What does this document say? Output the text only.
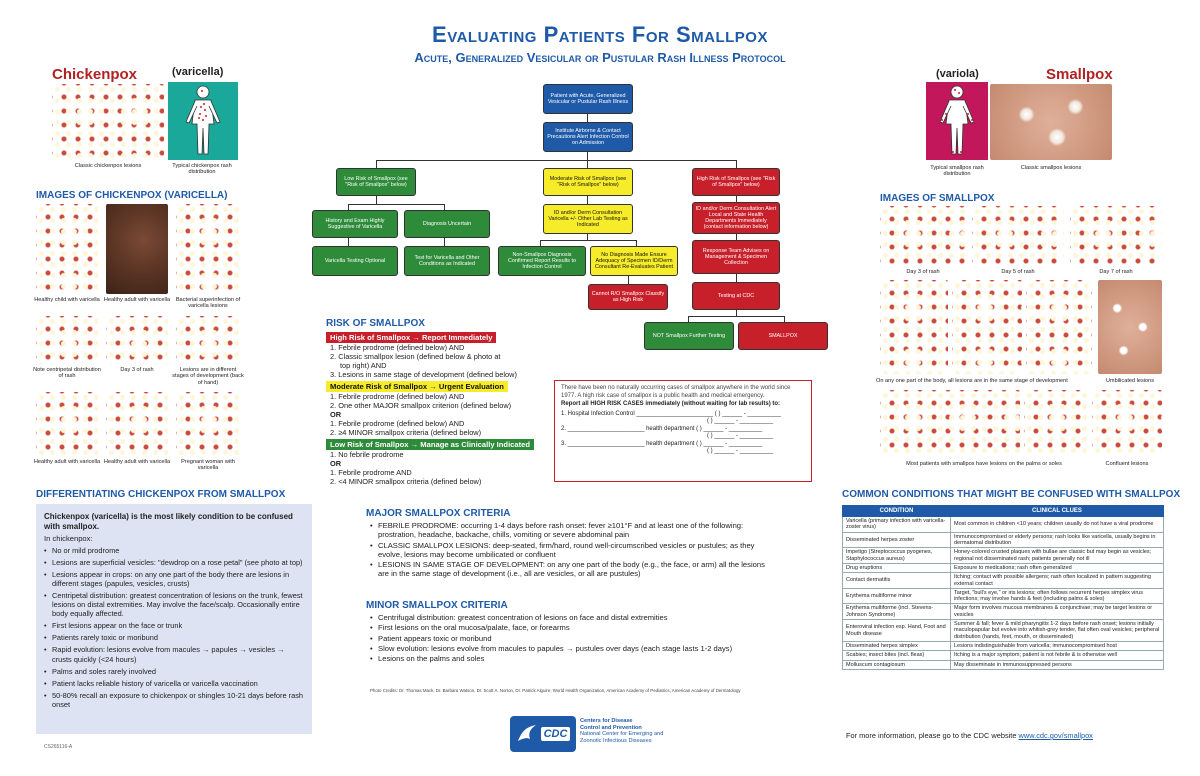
Evaluating Patients For Smallpox
Acute, Generalized Vesicular or Pustular Rash Illness Protocol
Chickenpox	(varicella)
Classic chickenpox lesions	Typical chickenpox rash distribution
IMAGES OF CHICKENPOX (VARICELLA)
Healthy child with varicella Healthy adult with varicella	Bacterial superinfection of varicella lesions
Note centripetal distribution of rash
Day 3 of rash	Lesions are in different stages of development (back of hand)
Healthy adult with varicella Healthy adult with varicella	Pregnant woman with varicella
(variola)	Smallpox
Typical smallpox rash distribution
Classic smallpox lesions
IMAGES OF SMALLPOX
Day 3 of rash	Day 5 of rash	Day 7 of rash
On any one part of the body, all lesions are in the same stage of development	Umbilicated lesions
Most patients with smallpox have lesions on the palms or soles	Confluent lesions
Patient with Acute, Generalized Vesicular or Pustular Rash Illness
Institute Airborne & Contact Precautions Alert Infection Control on Admission
Low Risk of Smallpox (see "Risk of Smallpox" below)
Moderate Risk of Smallpox (see "Risk of Smallpox" below)
High Risk of Smallpox (see "Risk of Smallpox" below)
History and Exam Highly Suggestive of Varicella
Diagnosis Uncertain
ID and/or Derm Consultation Varicella +/- Other Lab Testing as Indicated
ID and/or Derm Consultation Alert Local and State Health Departments Immediately (contact information below)
Varicella Testing Optional
Test for Varicella and Other Conditions as Indicated
Non-Smallpox Diagnosis Confirmed Report Results to Infection Control
No Diagnosis Made Ensure Adequacy of Specimen ID/Derm Consultant Re-Evaluates Patient
Response Team Advises on Management & Specimen Collection
Cannot R/O Smallpox Classify as High Risk
Testing at CDC
NOT Smallpox Further Testing	SMALLPOX
RISK OF SMALLPOX
High Risk of Smallpox → Report Immediately
1. Febrile prodrome (defined below) AND
2. Classic smallpox lesion (defined below & photo at
top right) AND
3. Lesions in same stage of development (defined below)
Moderate Risk of Smallpox → Urgent Evaluation
1. Febrile prodrome (defined below) AND
2. One other MAJOR smallpox criterion (defined below)
OR
1. Febrile prodrome (defined below) AND
2. ≥4 MINOR smallpox criteria (defined below)
Low Risk of Smallpox → Manage as Clinically Indicated
1. No febrile prodrome
OR
1. Febrile prodrome AND
2. <4 MINOR smallpox criteria (defined below)
There have been no naturally occurring cases of smallpox anywhere in the world since 1977. A high risk case of smallpox is a public health and medical emergency.
Report all HIGH RISK CASES immediately (without waiting for lab results) to:
1. Hospital Infection Control _______________________ ( ) ______ - __________
( ) ______ - __________
2. _______________________ health department ( ) ______ - __________
( ) ______ - __________
3. _______________________ health department ( ) ______ - __________
( ) ______ - __________
DIFFERENTIATING CHICKENPOX FROM SMALLPOX
Chickenpox (varicella) is the most likely condition to be confused with smallpox.
In chickenpox:
• No or mild prodrome
• Lesions are superficial vesicles: "dewdrop on a rose petal" (see photo at top)
• Lesions appear in crops: on any one part of the body there are lesions in different stages (papules, vesicles, crusts)
• Centripetal distribution: greatest concentration of lesions on the trunk, fewest lesions on distal extremities. May involve the face/scalp. Occasionally entire body equally affected.
• First lesions appear on the face or trunk
• Patients rarely toxic or moribund
• Rapid evolution: lesions evolve from macules → papules → vesicles → crusts quickly (<24 hours)
• Palms and soles rarely involved
• Patient lacks reliable history of varicella or varicella vaccination
• 50-80% recall an exposure to chickenpox or shingles 10-21 days before rash onset
CS265116-A
MAJOR SMALLPOX CRITERIA
• FEBRILE PRODROME: occurring 1-4 days before rash onset: fever ≥101°F and at least one of the following: prostration, headache, backache, chills, vomiting or severe abdominal pain
• CLASSIC SMALLPOX LESIONS: deep-seated, firm/hard, round well-circumscribed vesicles or pustules; as they evolve, lesions may become umbilicated or confluent
• LESIONS IN SAME STAGE OF DEVELOPMENT: on any one part of the body (e.g., the face, or arm) all the lesions are in the same stage of development (i.e., all are vesicles, or all are pustules)
MINOR SMALLPOX CRITERIA
• Centrifugal distribution: greatest concentration of lesions on face and distal extremities
• First lesions on the oral mucosa/palate, face, or forearms
• Patient appears toxic or moribund
• Slow evolution: lesions evolve from macules to papules → pustules over days (each stage lasts 1-2 days)
• Lesions on the palms and soles
Photo Credits: Dr. Thomas Mack, Dr. Barbara Watson, Dr. Scott A. Norton, Dr. Patrick Alguire; World Health Organization, American Academy of Pediatrics, American Academy of Dermatology
CDC
Centers for Disease
Control and Prevention
National Center for Emerging and
Zoonotic Infectious Diseases
COMMON CONDITIONS THAT MIGHT BE CONFUSED WITH SMALLPOX
CONDITION	CLINICAL CLUES
Varicella (primary infection with varicella-zoster virus)	Most common in children <10 years; children usually do not have a viral prodrome
Disseminated herpes zoster	Immunocompromised or elderly persons; rash looks like varicella, usually begins in dermatomal distribution
Impetigo (Streptococcus pyogenes, Staphylococcus aureus)	Honey-colored crusted plaques with bullae are classic but may begin as vesicles; regional not disseminated rash; patients generally not ill
Drug eruptions	Exposure to medications; rash often generalized
Contact dermatitis	Itching; contact with possible allergens; rash often localized in pattern suggesting external contact
Erythema multiforme minor	Target, "bull's eye," or iris lesions; often follows recurrent herpes simplex virus infections; may involve hands & feet (including palms & soles)
Erythema multiforme (incl. Stevens-Johnson Syndrome)	Major form involves mucous membranes & conjunctivae; may be target lesions or vesicles
Enteroviral infection esp. Hand, Foot and Mouth disease	Summer & fall; fever & mild pharyngitis 1-2 days before rash onset; lesions initially maculopapular but evolve into whitish-grey tender, flat often oval vesicles; peripheral distribution (hands, feet, mouth, or disseminated)
Disseminated herpes simplex	Lesions indistinguishable from varicella; immunocompromised host
Scabies; insect bites (incl. fleas)	Itching is a major symptom; patient is not febrile & is otherwise well
Molluscum contagiosum	May disseminate in immunosuppressed persons
For more information, please go to the CDC website www.cdc.gov/smallpox
